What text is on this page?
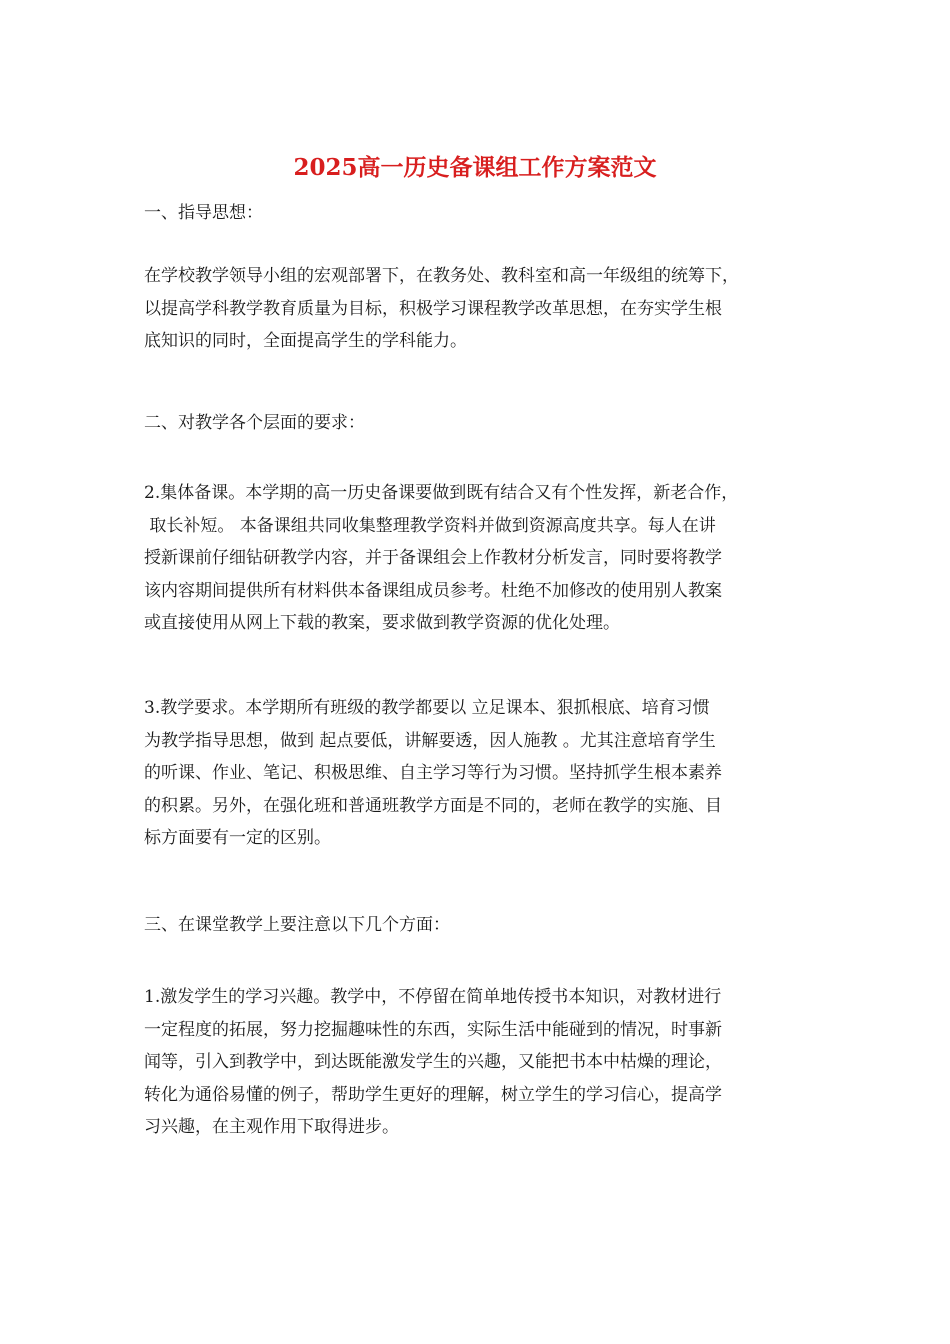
2025高一历史备课组工作方案范文

一、指导思想：

在学校教学领导小组的宏观部署下，在教务处、教科室和高一年级组的统筹下，
以提高学科教学教育质量为目标，积极学习课程教学改革思想，在夯实学生根
底知识的同时，全面提高学生的学科能力。

二、对教学各个层面的要求：

2.集体备课。本学期的高一历史备课要做到既有结合又有个性发挥，新老合作，
取长补短。 本备课组共同收集整理教学资料并做到资源高度共享。每人在讲
授新课前仔细钻研教学内容，并于备课组会上作教材分析发言，同时要将教学
该内容期间提供所有材料供本备课组成员参考。杜绝不加修改的使用别人教案
或直接使用从网上下载的教案，要求做到教学资源的优化处理。

3.教学要求。本学期所有班级的教学都要以 立足课本、狠抓根底、培育习惯
为教学指导思想，做到 起点要低，讲解要透，因人施教 。尤其注意培育学生
的听课、作业、笔记、积极思维、自主学习等行为习惯。坚持抓学生根本素养
的积累。另外，在强化班和普通班教学方面是不同的，老师在教学的实施、目
标方面要有一定的区别。

三、在课堂教学上要注意以下几个方面：

1.激发学生的学习兴趣。教学中，不停留在简单地传授书本知识，对教材进行
一定程度的拓展，努力挖掘趣味性的东西，实际生活中能碰到的情况，时事新
闻等，引入到教学中，到达既能激发学生的兴趣，又能把书本中枯燥的理论，
转化为通俗易懂的例子，帮助学生更好的理解，树立学生的学习信心，提高学
习兴趣，在主观作用下取得进步。
